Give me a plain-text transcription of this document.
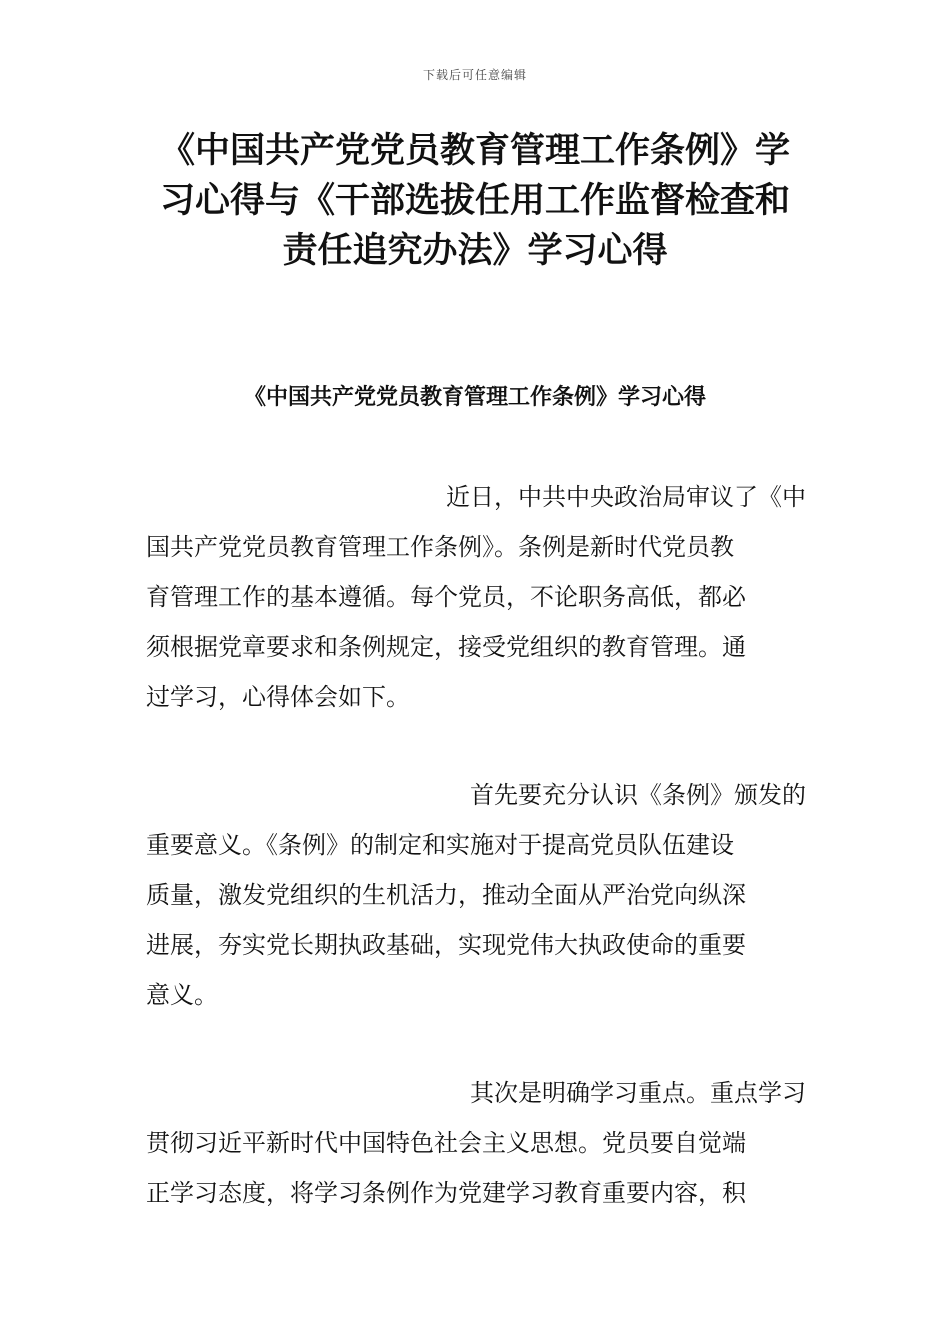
下载后可任意编辑
《中国共产党党员教育管理工作条例》学
习心得与《干部选拔任用工作监督检查和
责任追究办法》学习心得
《中国共产党党员教育管理工作条例》学习心得

近日，中共中央政治局审议了《中
国共产党党员教育管理工作条例》。条例是新时代党员教
育管理工作的基本遵循。每个党员，不论职务高低，都必
须根据党章要求和条例规定，接受党组织的教育管理。通
过学习，心得体会如下。

首先要充分认识《条例》颁发的
重要意义。《条例》的制定和实施对于提高党员队伍建设
质量，激发党组织的生机活力，推动全面从严治党向纵深
进展，夯实党长期执政基础，实现党伟大执政使命的重要
意义。

其次是明确学习重点。重点学习
贯彻习近平新时代中国特色社会主义思想。党员要自觉端
正学习态度，将学习条例作为党建学习教育重要内容，积
